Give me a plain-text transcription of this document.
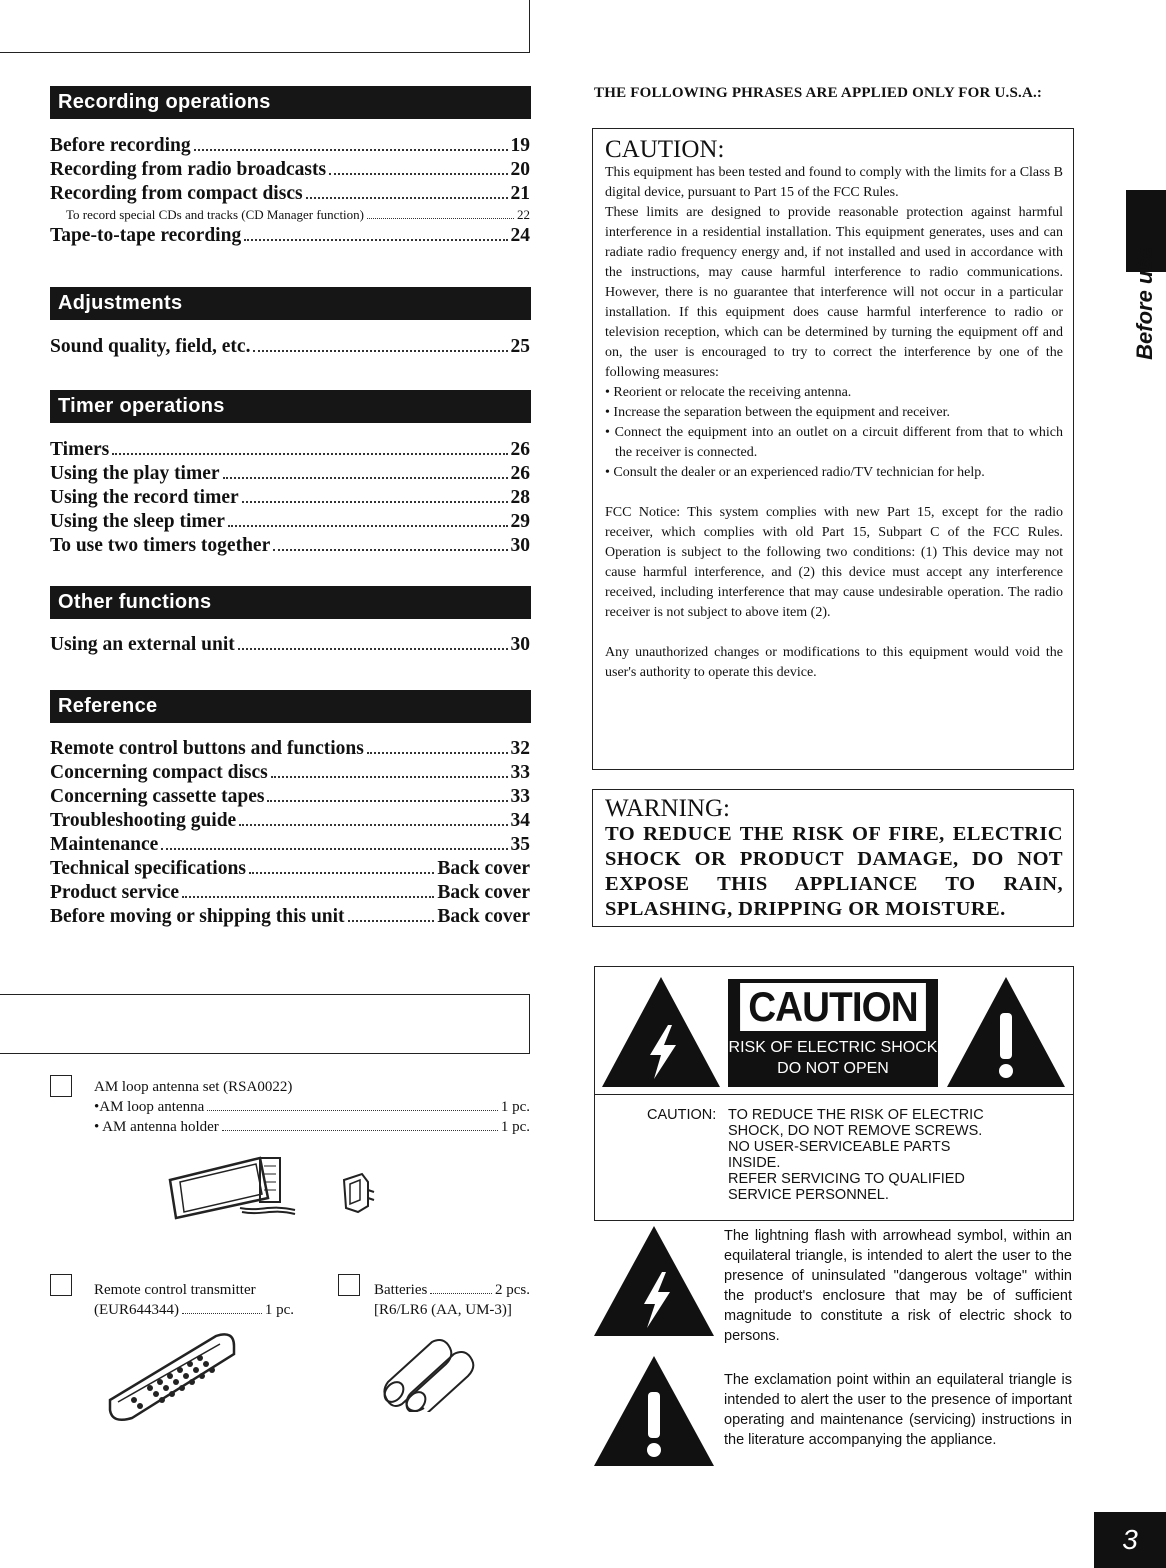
Recording operations
Before recording	19
Recording from radio broadcasts	20
Recording from compact discs	21
To record special CDs and tracks (CD Manager function)	22
Tape-to-tape recording	24
Adjustments
Sound quality, field, etc.	25
Timer operations
Timers	26
Using the play timer	26
Using the record timer	28
Using the sleep timer	29
To use two timers together	30
Other functions
Using an external unit	30
Reference
Remote control buttons and functions	32
Concerning compact discs	33
Concerning cassette tapes	33
Troubleshooting guide	34
Maintenance	35
Technical specifications	Back cover
Product service	Back cover
Before moving or shipping this unit	Back cover
THE FOLLOWING PHRASES ARE APPLIED ONLY FOR U.S.A.:
CAUTION:

This equipment has been tested and found to comply with the limits for a Class B digital device, pursuant to Part 15 of the FCC Rules.

These limits are designed to provide reasonable protection against harmful interference in a residential installation. This equipment generates, uses and can radiate radio frequency energy and, if not installed and used in accordance with the instructions, may cause harmful interference to radio communications. However, there is no guarantee that interference will not occur in a particular installation. If this equipment does cause harmful interference to radio or television reception, which can be determined by turning the equipment off and on, the user is encouraged to try to correct the interference by one of the following measures:

• Reorient or relocate the receiving antenna.

• Increase the separation between the equipment and receiver.

• Connect the equipment into an outlet on a circuit different from that to which the receiver is connected.

• Consult the dealer or an experienced radio/TV technician for help.

FCC Notice: This system complies with new Part 15, except for the radio receiver, which complies with old Part 15, Subpart C of the FCC Rules. Operation is subject to the following two conditions: (1) This device may not cause harmful interference, and (2) this device must accept any interference received, including interference that may cause undesirable operation. The radio receiver is not subject to above item (2).

Any unauthorized changes or modifications to this equipment would void the user's authority to operate this device.

WARNING:

TO REDUCE THE RISK OF FIRE, ELECTRIC

SHOCK OR PRODUCT DAMAGE, DO NOT

EXPOSE THIS APPLIANCE TO RAIN,

SPLASHING, DRIPPING OR MOISTURE.

CAUTION
RISK OF ELECTRIC SHOCK
DO NOT OPEN
CAUTION: TO REDUCE THE RISK OF ELECTRIC
SHOCK, DO NOT REMOVE SCREWS.
NO USER-SERVICEABLE PARTS
INSIDE.
REFER SERVICING TO QUALIFIED
SERVICE PERSONNEL.
The lightning flash with arrowhead symbol, within an equilateral triangle, is intended to alert the user to the presence of uninsulated "dangerous voltage" within the product's enclosure that may be of sufficient magnitude to constitute a risk of electric shock to persons.
The exclamation point within an equilateral triangle is intended to alert the user to the presence of important operating and maintenance (servicing) instructions in the literature accompanying the appliance.
AM loop antenna set (RSA0022)
•AM loop antenna	1 pc.
• AM antenna holder	1 pc.
Remote control transmitter
(EUR644344)	1 pc.
Batteries	2 pcs.
[R6/LR6 (AA, UM-3)]
Before use
3
